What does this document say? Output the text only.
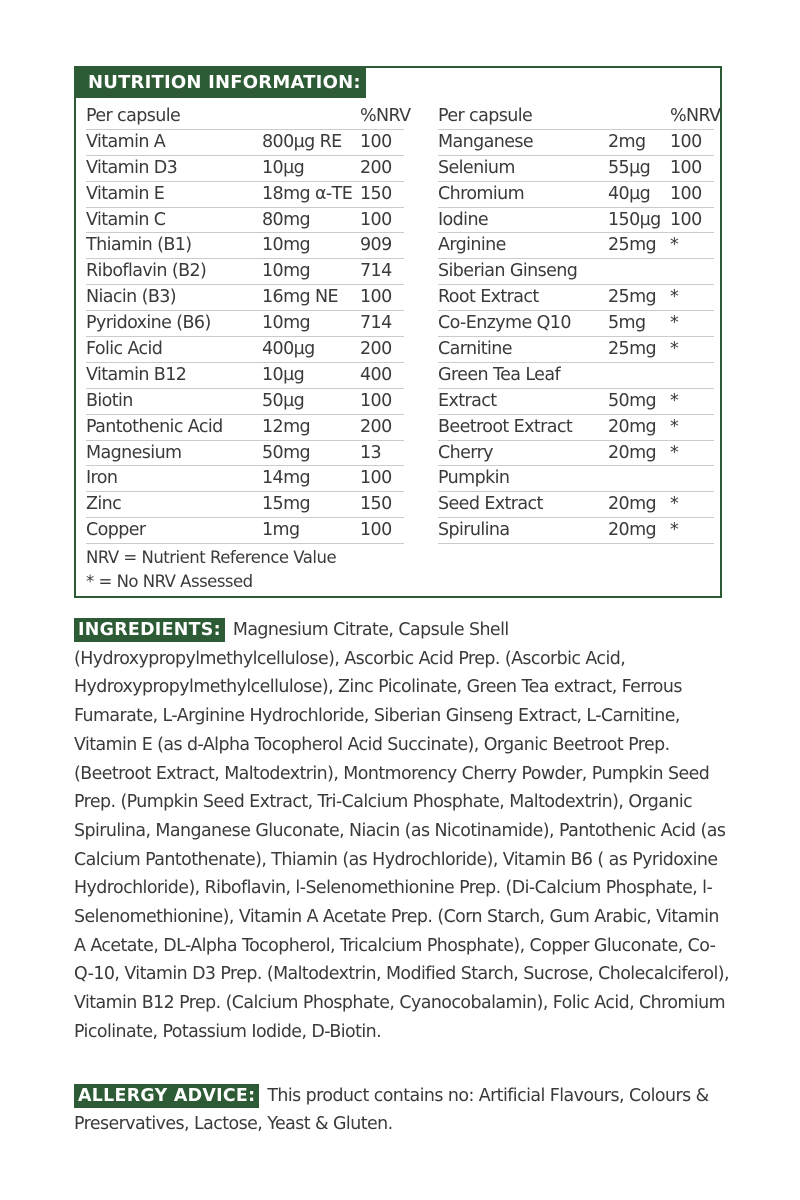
NUTRITION INFORMATION:
Per capsule	%NRV
Vitamin A	800µg RE 100
Vitamin D3	10µg	200
Vitamin E	18mg α-TE 150
Vitamin C	80mg	100
Thiamin (B1)	10mg	909
Riboflavin (B2)	10mg	714
Niacin (B3)	16mg NE 100
Pyridoxine (B6)	10mg	714
Folic Acid	400µg	200
Vitamin B12	10µg	400
Biotin	50µg	100
Pantothenic Acid 12mg	200
Magnesium	50mg	13
Iron	14mg	100
Zinc	15mg	150
Copper	1mg	100
Per capsule	%NRV
Manganese	2mg 100
Selenium	55µg 100
Chromium	40µg 100
Iodine	150µg 100
Arginine	25mg *
Siberian Ginseng
Root Extract	25mg *
Co-Enzyme Q10 5mg *
Carnitine	25mg *
Green Tea Leaf
Extract	50mg *
Beetroot Extract 20mg *
Cherry	20mg *
Pumpkin
Seed Extract	20mg *
Spirulina	20mg *
NRV = Nutrient Reference Value
* = No NRV Assessed
INGREDIENTS: Magnesium Citrate, Capsule Shell (Hydroxypropylmethylcellulose), Ascorbic Acid Prep. (Ascorbic Acid, Hydroxypropylmethylcellulose), Zinc Picolinate, Green Tea extract, Ferrous Fumarate, L-Arginine Hydrochloride, Siberian Ginseng Extract, L-Carnitine, Vitamin E (as d-Alpha Tocopherol Acid Succinate), Organic Beetroot Prep. (Beetroot Extract, Maltodextrin), Montmorency Cherry Powder, Pumpkin Seed Prep. (Pumpkin Seed Extract, Tri-Calcium Phosphate, Maltodextrin), Organic Spirulina, Manganese Gluconate, Niacin (as Nicotinamide), Pantothenic Acid (as Calcium Pantothenate), Thiamin (as Hydrochloride), Vitamin B6 ( as Pyridoxine Hydrochloride), Riboflavin, l-Selenomethionine Prep. (Di-Calcium Phosphate, l-Selenomethionine), Vitamin A Acetate Prep. (Corn Starch, Gum Arabic, Vitamin A Acetate, DL-Alpha Tocopherol, Tricalcium Phosphate), Copper Gluconate, Co-Q-10, Vitamin D3 Prep. (Maltodextrin, Modified Starch, Sucrose, Cholecalciferol), Vitamin B12 Prep. (Calcium Phosphate, Cyanocobalamin), Folic Acid, Chromium Picolinate, Potassium Iodide, D-Biotin.
ALLERGY ADVICE: This product contains no: Artificial Flavours, Colours & Preservatives, Lactose, Yeast & Gluten.
